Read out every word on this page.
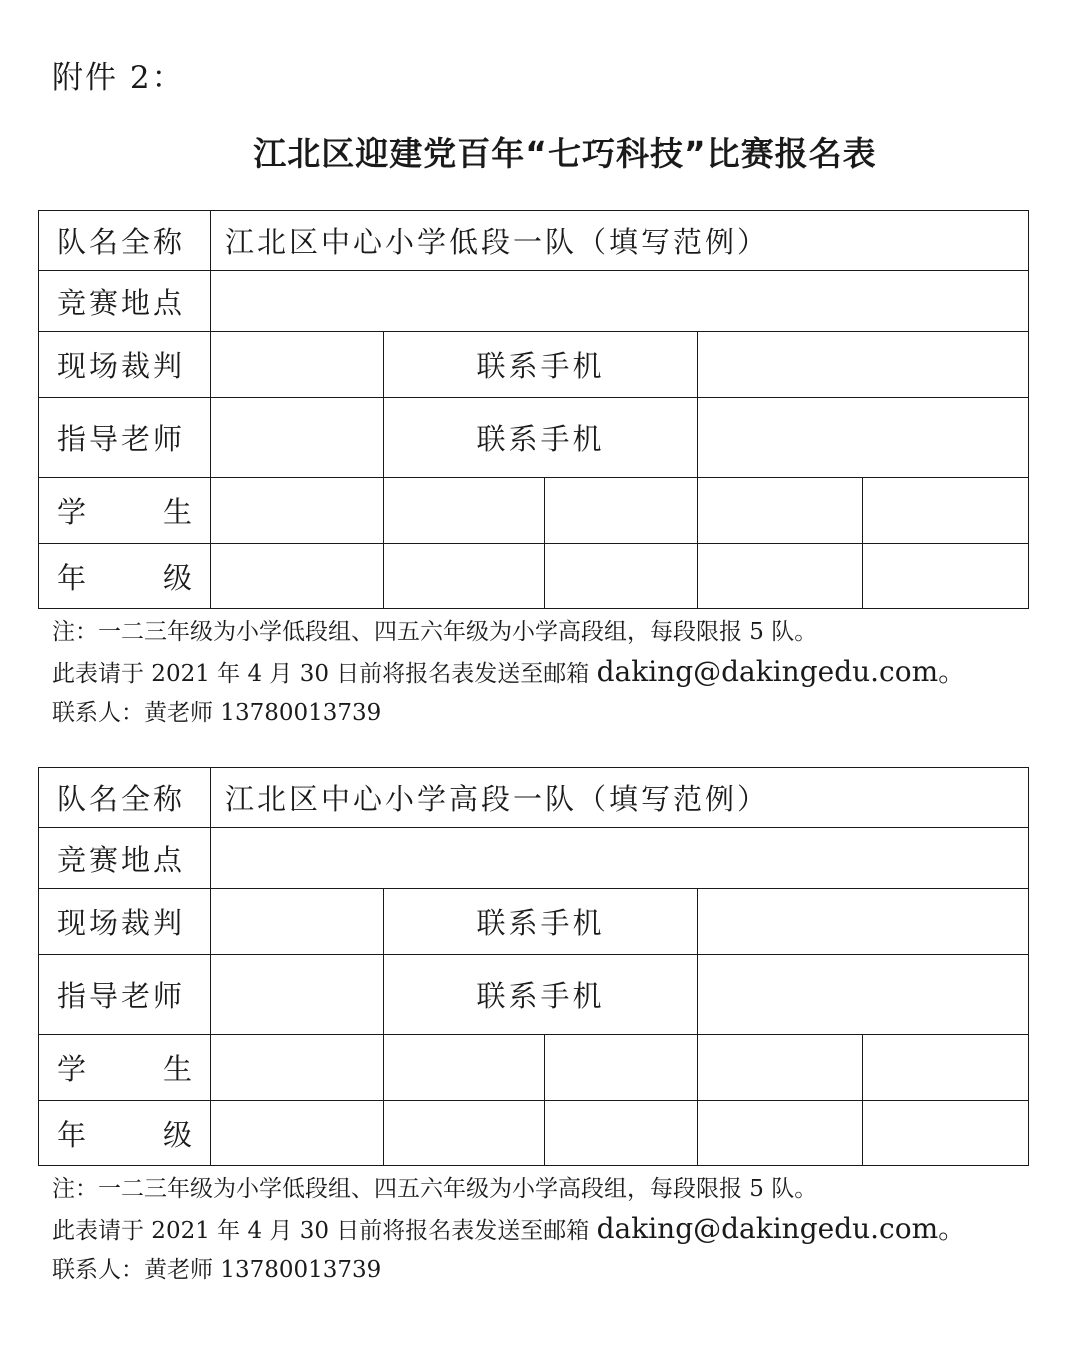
附件 2：
江北区迎建党百年“七巧科技”比赛报名表
队名全称	江北区中心小学低段一队（填写范例）				
竞赛地点					
现场裁判		联系手机			
指导老师		联系手机			

学 生					

年 级					

注：一二三年级为小学低段组、四五六年级为小学高段组，每段限报 5 队。
此表请于 2021 年 4 月 30 日前将报名表发送至邮箱 daking@dakingedu.com。
联系人：黄老师 13780013739
队名全称	江北区中心小学高段一队（填写范例）				
竞赛地点					
现场裁判		联系手机			
指导老师		联系手机			

学 生					

年 级					

注：一二三年级为小学低段组、四五六年级为小学高段组，每段限报 5 队。
此表请于 2021 年 4 月 30 日前将报名表发送至邮箱 daking@dakingedu.com。
联系人：黄老师 13780013739
